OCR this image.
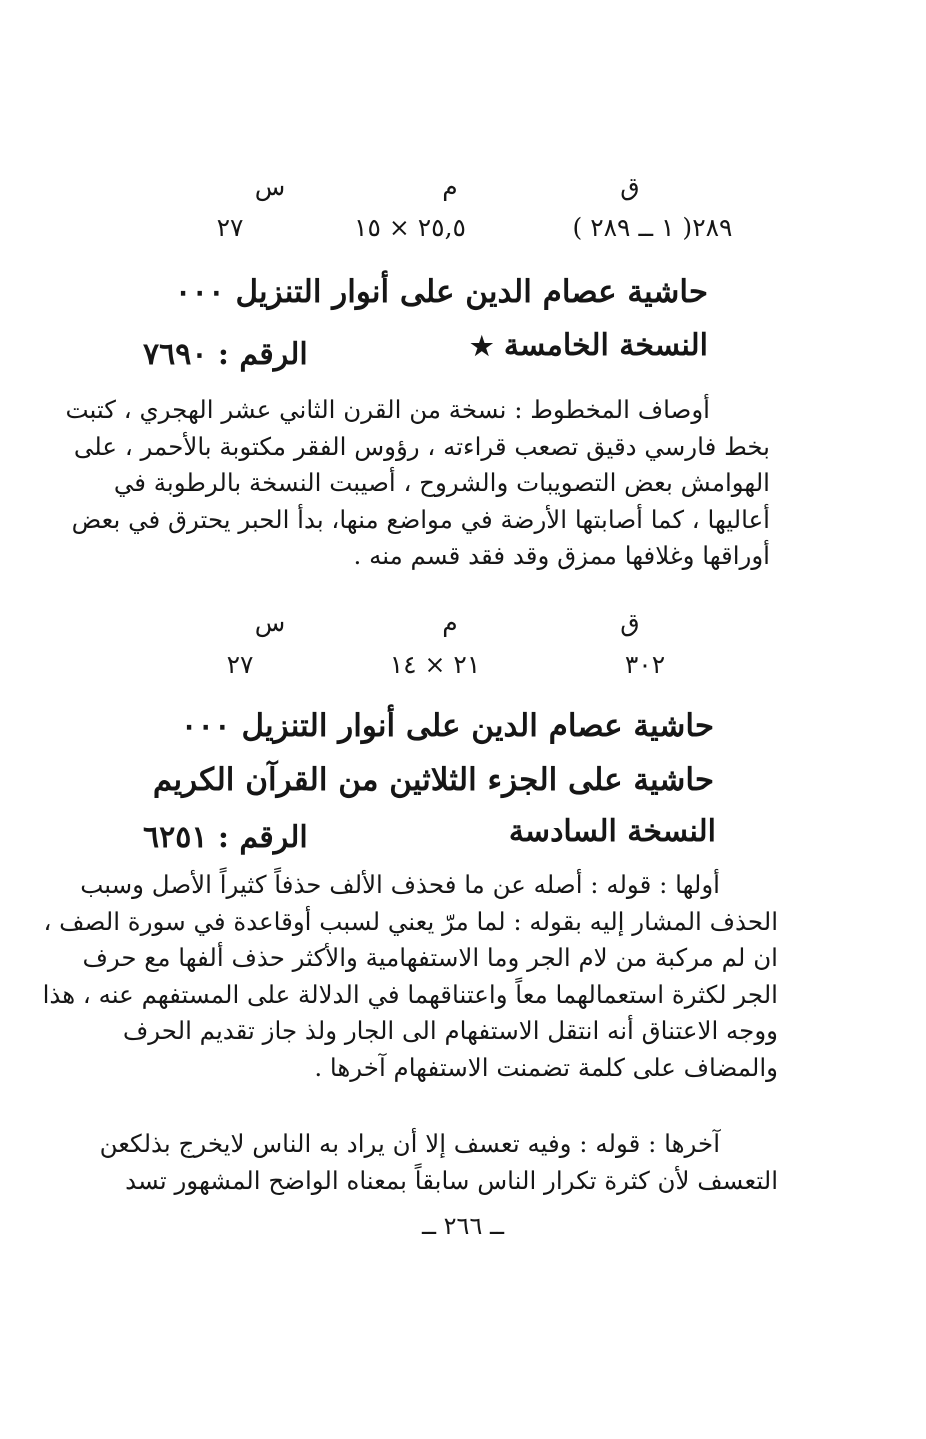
ق
م
س
٢٨٩( ١ ــ ٢٨٩ )
٢٥,٥ × ١٥
٢٧
حاشية عصام الدين على أنوار التنزيل ٠٠٠
النسخة الخامسة ★
الرقم : ٧٦٩٠
أوصاف المخطوط : نسخة من القرن الثاني عشر الهجري ، كتبت
بخط فارسي دقيق تصعب قراءته ، رؤوس الفقر مكتوبة بالأحمر ، على
الهوامش بعض التصويبات والشروح ، أصيبت النسخة بالرطوبة في
أعاليها ، كما أصابتها الأرضة في مواضع منها، بدأ الحبر يحترق في بعض
أوراقها وغلافها ممزق وقد فقد قسم منه .
ق
م
س
٣٠٢
٢١ × ١٤
٢٧
حاشية عصام الدين على أنوار التنزيل ٠٠٠
حاشية على الجزء الثلاثين من القرآن الكريم
النسخة السادسة
الرقم : ٦٢٥١
أولها : قوله : أصله عن ما فحذف الألف حذفاً كثيراً الأصل وسبب
الحذف المشار إليه بقوله : لما مرّ يعني لسبب أوقاعدة في سورة الصف ،
ان لم مركبة من لام الجر وما الاستفهامية والأكثر حذف ألفها مع حرف
الجر لكثرة استعمالهما معاً واعتناقهما في الدلالة على المستفهم عنه ، هذا
ووجه الاعتناق أنه انتقل الاستفهام الى الجار ولذ جاز تقديم الحرف
والمضاف على كلمة تضمنت الاستفهام آخرها .
آخرها : قوله : وفيه تعسف إلا أن يراد به الناس لايخرج بذلكعن
التعسف لأن كثرة تكرار الناس سابقاً بمعناه الواضح المشهور تسد
ــ ٢٦٦ ــ
